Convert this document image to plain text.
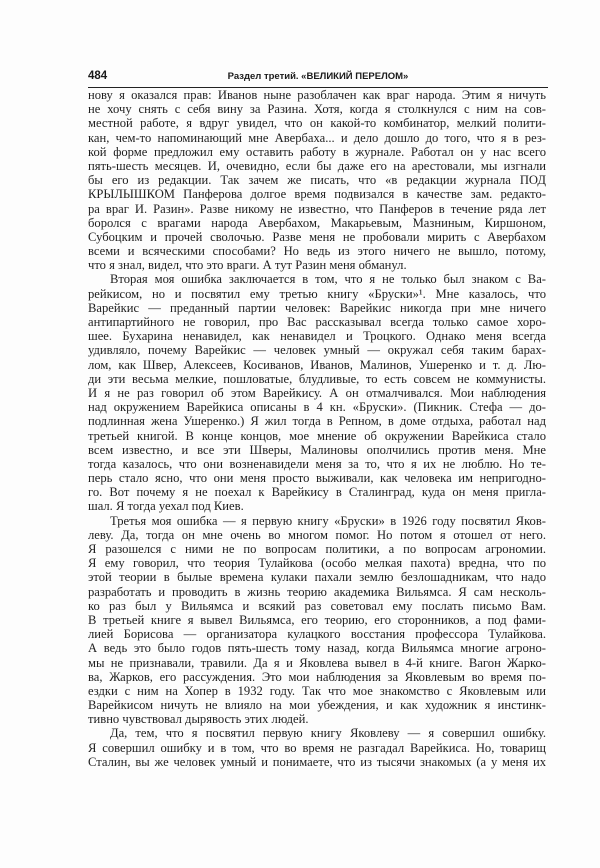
484	Раздел третий. «ВЕЛИКИЙ ПЕРЕЛОМ»
нову я оказался прав: Иванов ныне разоблачен как враг народа. Этим я ничуть
не хочу снять с себя вину за Разина. Хотя, когда я столкнулся с ним на сов-
местной работе, я вдруг увидел, что он какой-то комбинатор, мелкий полити-
кан, чем-то напоминающий мне Авербаха... и дело дошло до того, что я в рез-
кой форме предложил ему оставить работу в журнале. Работал он у нас всего
пять-шесть месяцев. И, очевидно, если бы даже его на арестовали, мы изгнали
бы его из редакции. Так зачем же писать, что «в редакции журнала ПОД
КРЫЛЫШКОМ Панферова долгое время подвизался в качестве зам. редакто-
ра враг И. Разин». Разве никому не известно, что Панферов в течение ряда лет
боролся с врагами народа Авербахом, Макарьевым, Мазниным, Киршоном,
Субоцким и прочей сволочью. Разве меня не пробовали мирить с Авербахом
всеми и всяческими способами? Но ведь из этого ничего не вышло, потому,
что я знал, видел, что это враги. А тут Разин меня обманул.
Вторая моя ошибка заключается в том, что я не только был знаком с Ва-
рейкисом, но и посвятил ему третью книгу «Бруски»¹. Мне казалось, что
Варейкис — преданный партии человек: Варейкис никогда при мне ничего
антипартийного не говорил, про Вас рассказывал всегда только самое хоро-
шее. Бухарина ненавидел, как ненавидел и Троцкого. Однако меня всегда
удивляло, почему Варейкис — человек умный — окружал себя таким барах-
лом, как Швер, Алексеев, Косиванов, Иванов, Малинов, Ушеренко и т. д. Лю-
ди эти весьма мелкие, пошловатые, блудливые, то есть совсем не коммунисты.
И я не раз говорил об этом Варейкису. А он отмалчивался. Мои наблюдения
над окружением Варейкиса описаны в 4 кн. «Бруски». (Пикник. Стефа — до-
подлинная жена Ушеренко.) Я жил тогда в Репном, в доме отдыха, работал над
третьей книгой. В конце концов, мое мнение об окружении Варейкиса стало
всем известно, и все эти Шверы, Малиновы ополчились против меня. Мне
тогда казалось, что они возненавидели меня за то, что я их не люблю. Но те-
перь стало ясно, что они меня просто выживали, как человека им непригодно-
го. Вот почему я не поехал к Варейкису в Сталинград, куда он меня пригла-
шал. Я тогда уехал под Киев.
Третья моя ошибка — я первую книгу «Бруски» в 1926 году посвятил Яков-
леву. Да, тогда он мне очень во многом помог. Но потом я отошел от него.
Я разошелся с ними не по вопросам политики, а по вопросам агрономии.
Я ему говорил, что теория Тулайкова (особо мелкая пахота) вредна, что по
этой теории в былые времена кулаки пахали землю безлошадникам, что надо
разработать и проводить в жизнь теорию академика Вильямса. Я сам несколь-
ко раз был у Вильямса и всякий раз советовал ему послать письмо Вам.
В третьей книге я вывел Вильямса, его теорию, его сторонников, а под фами-
лией Борисова — организатора кулацкого восстания профессора Тулайкова.
А ведь это было годов пять-шесть тому назад, когда Вильямса многие агроно-
мы не признавали, травили. Да я и Яковлева вывел в 4-й книге. Вагон Жарко-
ва, Жарков, его рассуждения. Это мои наблюдения за Яковлевым во время по-
ездки с ним на Хопер в 1932 году. Так что мое знакомство с Яковлевым или
Варейкисом ничуть не влияло на мои убеждения, и как художник я инстинк-
тивно чувствовал дырявость этих людей.
Да, тем, что я посвятил первую книгу Яковлеву — я совершил ошибку.
Я совершил ошибку и в том, что во время не разгадал Варейкиса. Но, товарищ
Сталин, вы же человек умный и понимаете, что из тысячи знакомых (а у меня их
